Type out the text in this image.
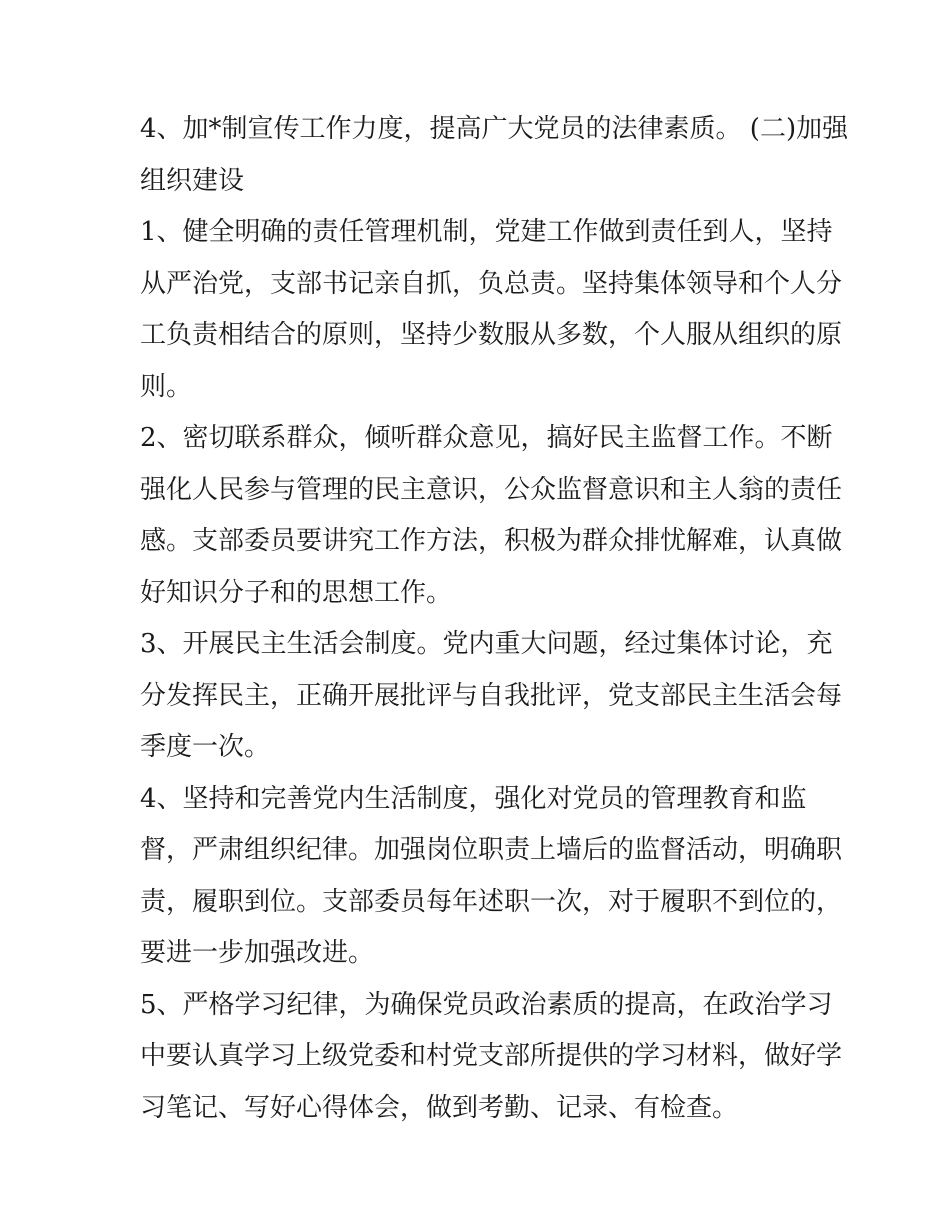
4、加*制宣传工作力度，提高广大党员的法律素质。 (二)加强
组织建设
1、健全明确的责任管理机制，党建工作做到责任到人，坚持
从严治党，支部书记亲自抓，负总责。坚持集体领导和个人分
工负责相结合的原则，坚持少数服从多数，个人服从组织的原
则。
2、密切联系群众，倾听群众意见，搞好民主监督工作。不断
强化人民参与管理的民主意识，公众监督意识和主人翁的责任
感。支部委员要讲究工作方法，积极为群众排忧解难，认真做
好知识分子和的思想工作。
3、开展民主生活会制度。党内重大问题，经过集体讨论，充
分发挥民主，正确开展批评与自我批评，党支部民主生活会每
季度一次。
4、坚持和完善党内生活制度，强化对党员的管理教育和监
督，严肃组织纪律。加强岗位职责上墙后的监督活动，明确职
责，履职到位。支部委员每年述职一次，对于履职不到位的，
要进一步加强改进。
5、严格学习纪律，为确保党员政治素质的提高，在政治学习
中要认真学习上级党委和村党支部所提供的学习材料，做好学
习笔记、写好心得体会，做到考勤、记录、有检查。
